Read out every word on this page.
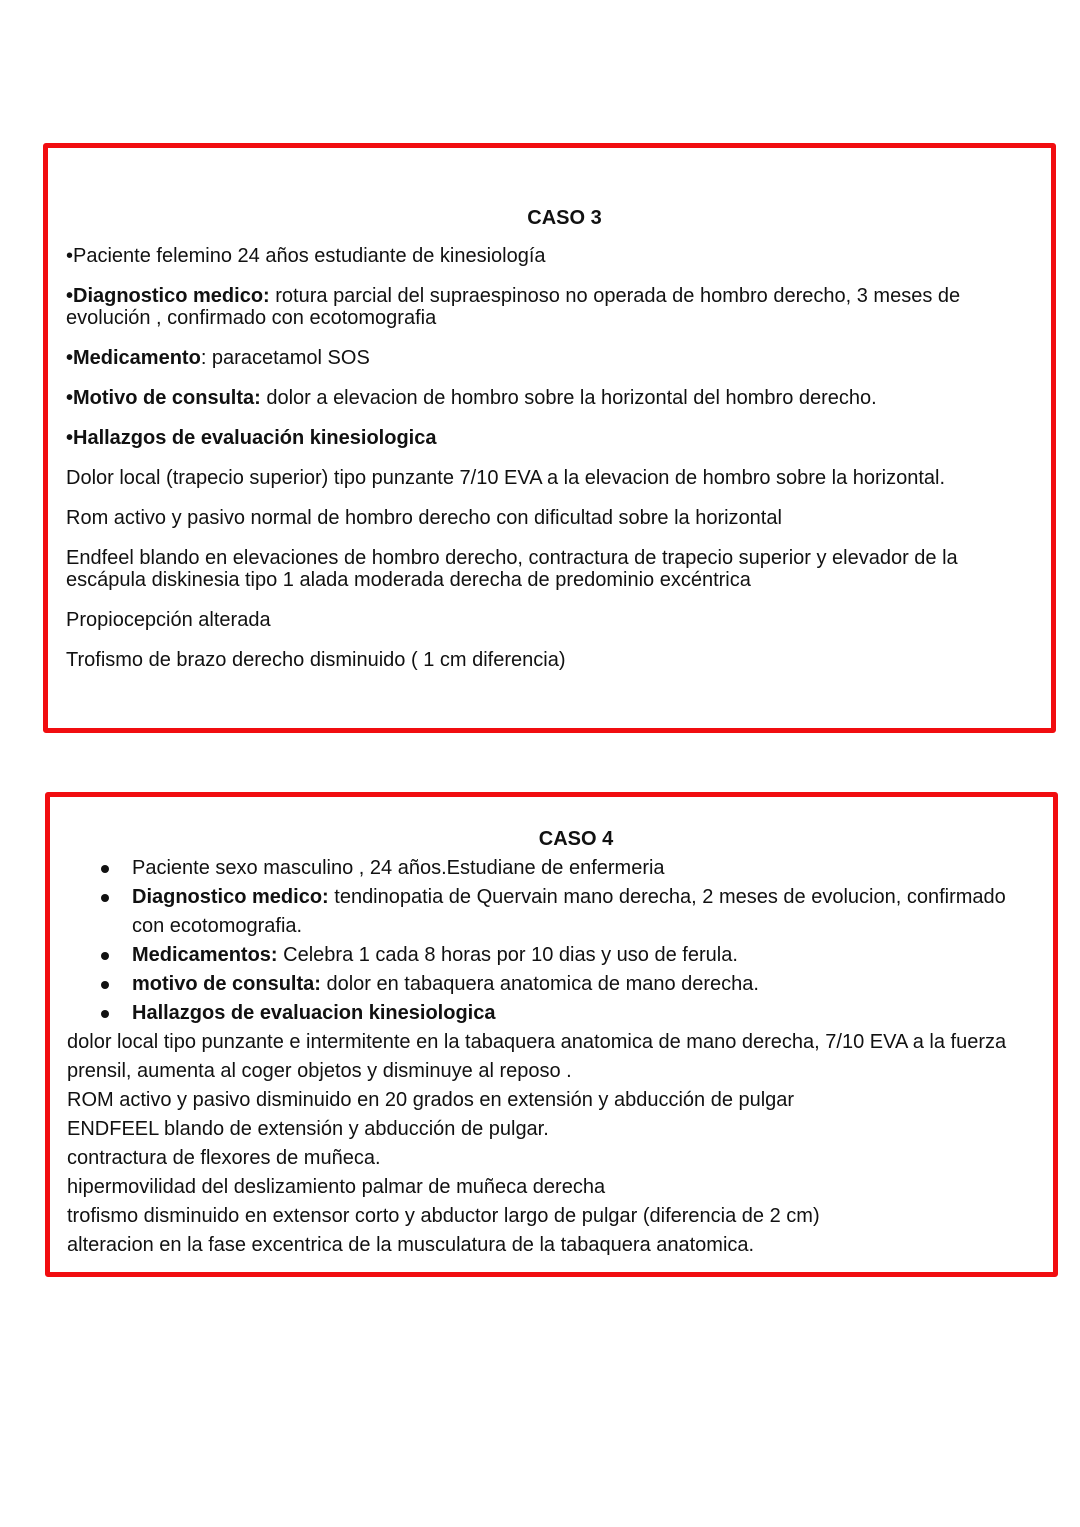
CASO 3

•Paciente felemino 24 años estudiante de kinesiología

•Diagnostico medico: rotura parcial del supraespinoso no operada de hombro derecho, 3 meses de evolución , confirmado con ecotomografia

•Medicamento: paracetamol SOS

•Motivo de consulta: dolor a elevacion de hombro sobre la horizontal del hombro derecho.

•Hallazgos de evaluación kinesiologica

Dolor local (trapecio superior) tipo punzante 7/10 EVA a la elevacion de hombro sobre la horizontal.

Rom activo y pasivo normal de hombro derecho con dificultad sobre la horizontal

Endfeel blando en elevaciones de hombro derecho, contractura de trapecio superior y elevador de la escápula diskinesia tipo 1 alada moderada derecha de predominio excéntrica

Propiocepción alterada

Trofismo de brazo derecho disminuido ( 1 cm diferencia)

CASO 4
Paciente sexo masculino , 24 años.Estudiane de enfermeria
Diagnostico medico: tendinopatia de Quervain mano derecha, 2 meses de evolucion, confirmado con ecotomografia.
Medicamentos: Celebra 1 cada 8 horas por 10 dias y uso de ferula.
motivo de consulta: dolor en tabaquera anatomica de mano derecha.
Hallazgos de evaluacion kinesiologica
dolor local tipo punzante e intermitente en la tabaquera anatomica de mano derecha, 7/10 EVA a la fuerza prensil, aumenta al coger objetos y disminuye al reposo .
ROM activo y pasivo disminuido en 20 grados en extensión y abducción de pulgar
ENDFEEL blando de extensión y abducción de pulgar.
contractura de flexores de muñeca.
hipermovilidad del deslizamiento palmar de muñeca derecha
trofismo disminuido en extensor corto y abductor largo de pulgar (diferencia de 2 cm)
alteracion en la fase excentrica de la musculatura de la tabaquera anatomica.
